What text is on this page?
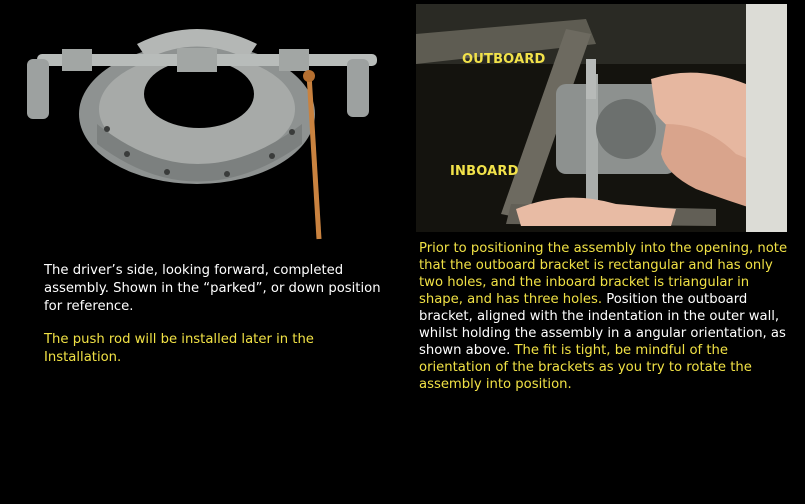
OUTBOARD
INBOARD

The driver’s side, looking forward, completed assembly. Shown in the “parked”, or down position for reference.

The push rod will be installed later in the Installation.

Prior to positioning the assembly into the opening, note that the outboard bracket is rectangular and has only two holes, and the inboard bracket is triangular in shape, and has three holes. Position the outboard bracket, aligned with the indentation in the outer wall, whilst holding the assembly in a angular orientation, as shown above. The fit is tight, be mindful of the orientation of the brackets as you try to rotate the assembly into position.
